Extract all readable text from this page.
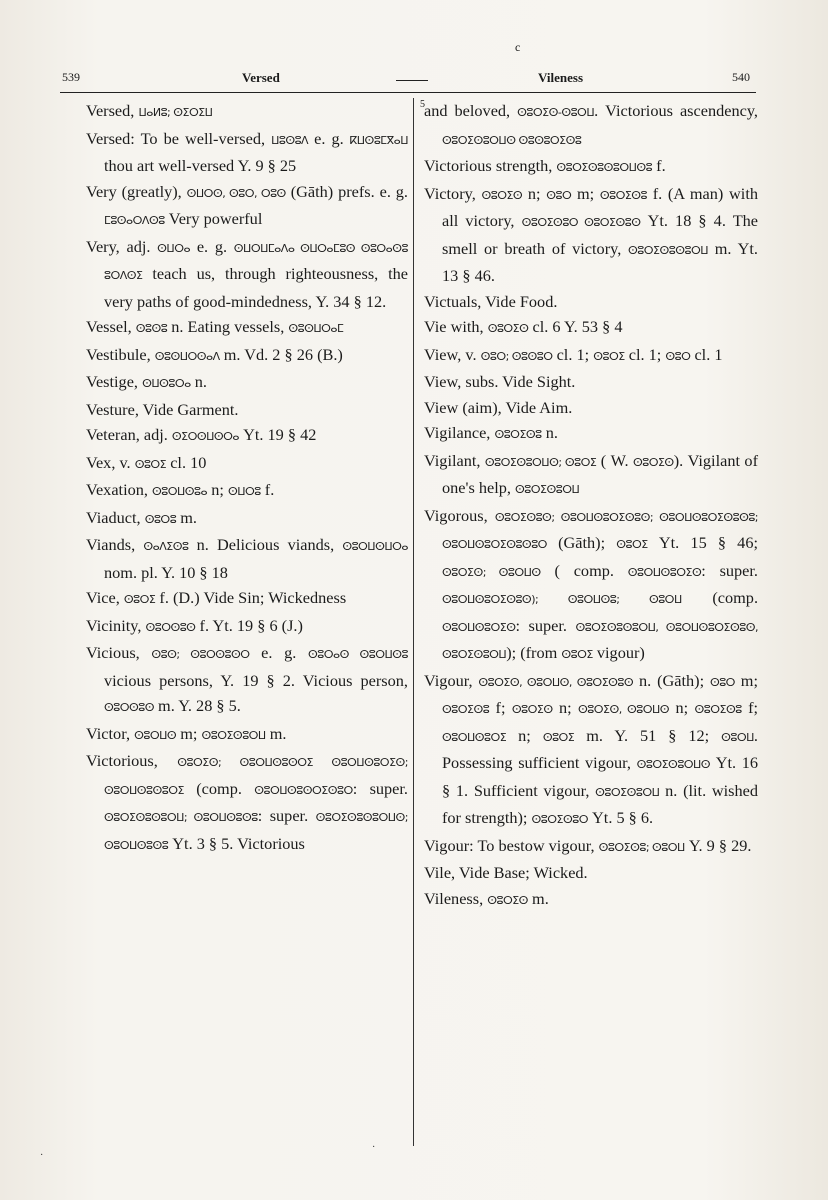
c
539	Versed	Vileness	540
5

Versed, ⵡⴰⵍⵓ; ⵙⵉⵔⵉⵡ

Versed: To be well-versed, ⵡⵓⵙⵓⴷ e. g. ⴽⵡⵙⵓⵎⴳⴰⵡ thou art well-versed Y. 9 § 25

Very (greatly), ⵙⵡⵔⵙ, ⵙⵓⵔ, ⵔⵓⵙ (Gāth) prefs. e. g. ⵎⵓⵙⴰⵔⴷⵙⵓ Very powerful

Very, adj. ⵙⵡⵔⴰ e. g. ⵙⵡⵔⵡⵎⴰⴷⴰ ⵙⵡⵔⴰⵎⵓⵙ ⵙⵓⵔⴰⵙⵓ ⵓⵔⴷⵙⵉ teach us, through righteousness, the very paths of good-mindedness, Y. 34 § 12.

Vessel, ⵙⵓⵙⵓ n. Eating vessels, ⵙⵓⵙⵡⵔⴰⵎ

Vestibule, ⵙⵓⵙⵡⵔⵙⴰⴷ m. Vd. 2 § 26 (B.)

Vestige, ⵙⵡⵙⵓⵔⴰ n.

Vesture, Vide Garment.

Veteran, adj. ⵙⵉⵔⵙⵡⵙⵔⴰ Yt. 19 § 42

Vex, v. ⵙⵓⵔⵉ cl. 10

Vexation, ⵙⵓⵔⵡⵙⵓⴰ n; ⵙⵡⵔⵓ f.

Viaduct, ⵙⵓⵔⵓ m.

Viands, ⵙⴰⴷⵉⵙⵓ n. Delicious viands, ⵙⵓⵔⵡⵙⵡⵔⴰ nom. pl. Y. 10 § 18

Vice, ⵙⵓⵔⵉ f. (D.) Vide Sin; Wickedness

Vicinity, ⵙⵓⵔⵙⵓⵙ f. Yt. 19 § 6 (J.)

Vicious, ⵙⵓⵙ; ⵙⵓⵔⵙⵓⵙⵔ e. g. ⵙⵓⵔⴰⵙ ⵙⵓⵔⵡⵙⵓ vicious persons, Y. 19 § 2. Vicious person, ⵙⵓⵔⵙⵓⵙ m. Y. 28 § 5.

Victor, ⵙⵓⵔⵡⵙ m; ⵙⵓⵔⵉⵙⵓⵔⵡ m.

Victorious, ⵙⵓⵔⵉⵙ; ⵙⵓⵔⵡⵙⵓⵙⵔⵉ ⵙⵓⵔⵡⵙⵓⵔⵉⵙ; ⵙⵓⵔⵡⵙⵓⵙⵓⵔⵉ (comp. ⵙⵓⵔⵡⵙⵓⵙⵔⵉⵙⵓⵔ: super. ⵙⵓⵔⵉⵙⵓⵙⵓⵔⵡ; ⵙⵓⵔⵡⵙⵓⵙⵓ: super. ⵙⵓⵔⵉⵙⵓⵙⵓⵔⵡⵙ; ⵙⵓⵔⵡⵙⵓⵙⵓ Yt. 3 § 5. Victorious

and beloved, ⵙⵓⵔⵉⵙ-ⵙⵓⵔⵡ. Victorious ascendency, ⵙⵓⵔⵉⵙⵓⵔⵡⵙ ⵙⵓⵙⵓⵔⵉⵙⵓ

Victorious strength, ⵙⵓⵔⵉⵙⵓⵙⵓⵔⵡⵙⵓ f.

Victory, ⵙⵓⵔⵉⵙ n; ⵙⵓⵔ m; ⵙⵓⵔⵉⵙⵓ f. (A man) with all victory, ⵙⵓⵔⵉⵙⵓⵔ ⵙⵓⵔⵉⵙⵓⵙ Yt. 18 § 4. The smell or breath of victory, ⵙⵓⵔⵉⵙⵓⵙⵓⵔⵡ m. Yt. 13 § 46.

Victuals, Vide Food.

Vie with, ⵙⵓⵔⵉⵙ cl. 6 Y. 53 § 4

View, v. ⵙⵓⵔ; ⵙⵓⵙⵓⵔ cl. 1; ⵙⵓⵔⵉ cl. 1; ⵙⵓⵔ cl. 1

View, subs. Vide Sight.

View (aim), Vide Aim.

Vigilance, ⵙⵓⵔⵉⵙⵓ n.

Vigilant, ⵙⵓⵔⵉⵙⵓⵔⵡⵙ; ⵙⵓⵔⵉ ( W. ⵙⵓⵔⵉⵙ). Vigilant of one's help, ⵙⵓⵔⵉⵙⵓⵔⵡ

Vigorous, ⵙⵓⵔⵉⵙⵓⵙ; ⵙⵓⵔⵡⵙⵓⵔⵉⵙⵓⵙ; ⵙⵓⵔⵡⵙⵓⵔⵉⵙⵓⵙⵓ; ⵙⵓⵔⵡⵙⵓⵔⵉⵙⵓⵙⵓⵔ (Gāth); ⵙⵓⵔⵉ Yt. 15 § 46; ⵙⵓⵔⵉⵙ; ⵙⵓⵔⵡⵙ ( comp. ⵙⵓⵔⵡⵙⵓⵔⵉⵙ: super. ⵙⵓⵔⵡⵙⵓⵔⵉⵙⵓⵙ); ⵙⵓⵔⵡⵙⵓ; ⵙⵓⵔⵡ (comp. ⵙⵓⵔⵡⵙⵓⵔⵉⵙ: super. ⵙⵓⵔⵉⵙⵓⵙⵓⵔⵡ, ⵙⵓⵔⵡⵙⵓⵔⵉⵙⵓⵙ, ⵙⵓⵔⵉⵙⵓⵔⵡ); (from ⵙⵓⵔⵉ vigour)

Vigour, ⵙⵓⵔⵉⵙ, ⵙⵓⵔⵡⵙ, ⵙⵓⵔⵉⵙⵓⵙ n. (Gāth); ⵙⵓⵔ m; ⵙⵓⵔⵉⵙⵓ f; ⵙⵓⵔⵉⵙ n; ⵙⵓⵔⵉⵙ, ⵙⵓⵔⵡⵙ n; ⵙⵓⵔⵉⵙⵓ f; ⵙⵓⵔⵡⵙⵓⵔⵉ n; ⵙⵓⵔⵉ m. Y. 51 § 12; ⵙⵓⵔⵡ. Possessing sufficient vigour, ⵙⵓⵔⵉⵙⵓⵔⵡⵙ Yt. 16 § 1. Sufficient vigour, ⵙⵓⵔⵉⵙⵓⵔⵡ n. (lit. wished for strength); ⵙⵓⵔⵉⵙⵓⵔ Yt. 5 § 6.

Vigour: To bestow vigour, ⵙⵓⵔⵉⵙⵓ; ⵙⵓⵔⵡ Y. 9 § 29.

Vile, Vide Base; Wicked.

Vileness, ⵙⵓⵔⵉⵙ m.

·
·
